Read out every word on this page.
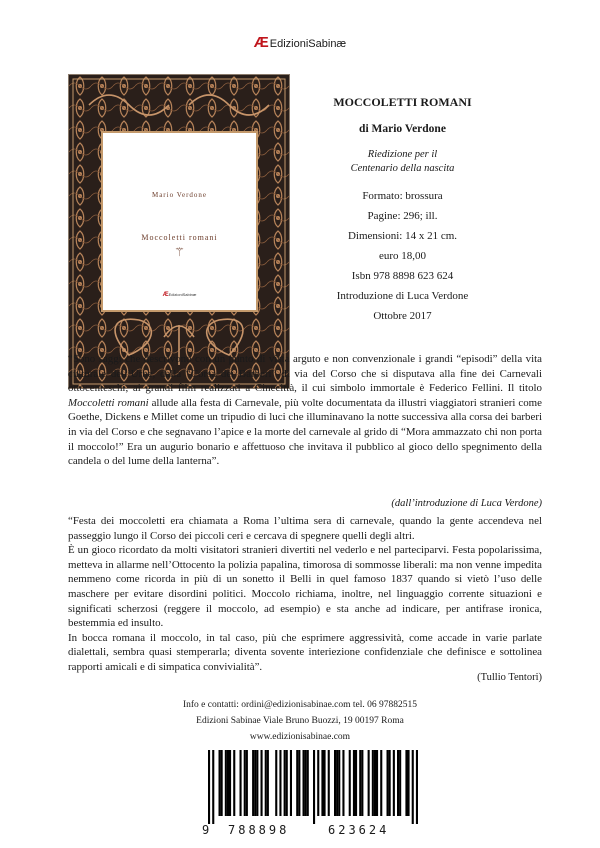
ÆEdizioniSabinæ
Mario Verdone
Moccoletti romani
⚚
ÆEdizioniSabinæ
MOCCOLETTI ROMANI
di Mario Verdone
Riedizione per il
Centenario della nascita
Formato: brossura
Pagine: 296; ill.
Dimensioni: 14 x 21 cm.
euro 18,00
Isbn 978 8898 623 624
Introduzione di Luca Verdone
Ottobre 2017
“Sono saggi che descrivono con un punto di vista arguto e non convenzionale i grandi “episodi” della vita culturale dell’Urbe, dalla “Corsa dei Barberi” di via del Corso che si disputava alla fine dei Carnevali ottocenteschi, ai grandi film realizzati a Cinecittà, il cui simbolo immortale è Federico Fellini. Il titolo Moccoletti romani allude alla festa di Carnevale, più volte documentata da illustri viaggiatori stranieri come Goethe, Dickens e Millet come un tripudio di luci che illuminavano la notte successiva alla corsa dei barberi in via del Corso e che segnavano l’apice e la morte del carnevale al grido di “Mora ammazzato chi non porta il moccolo!” Era un augurio bonario e affettuoso che invitava il pubblico al gioco dello spegnimento della candela o del lume della lanterna”.
(dall’introduzione di Luca Verdone)
“Festa dei moccoletti era chiamata a Roma l’ultima sera di carnevale, quando la gente accendeva nel passeggio lungo il Corso dei piccoli ceri e cercava di spegnere quelli degli altri.
È un gioco ricordato da molti visitatori stranieri divertiti nel vederlo e nel parteciparvi. Festa popolarissima, metteva in allarme nell’Ottocento la polizia papalina, timorosa di sommosse liberali: ma non venne impedita nemmeno come ricorda in più di un sonetto il Belli in quel famoso 1837 quando si vietò l’uso delle maschere per evitare disordini politici. Moccolo richiama, inoltre, nel linguaggio corrente situazioni e significati scherzosi (reggere il moccolo, ad esempio) e sta anche ad indicare, per antifrase ironica, bestemmia ed insulto.
In bocca romana il moccolo, in tal caso, più che esprimere aggressività, come accade in varie parlate dialettali, sembra quasi stemperarla; diventa sovente interiezione confidenziale che definisce e sottolinea rapporti amicali e di simpatica convivialità”.
(Tullio Tentori)
Info e contatti: ordini@edizionisabinae.com tel. 06 97882515
Edizioni Sabinae Viale Bruno Buozzi, 19 00197 Roma
www.edizionisabinae.com
9 788898	623624
